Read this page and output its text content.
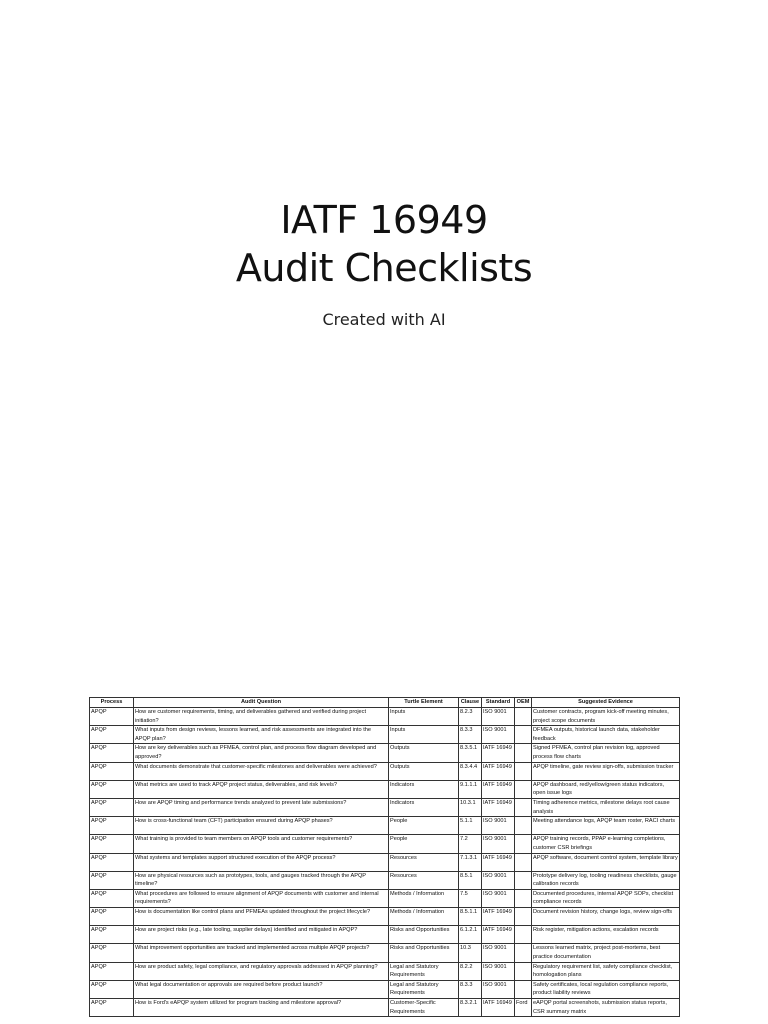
IATF 16949
Audit Checklists
Created with AI
Process	Audit Question	Turtle Element	Clause	Standard	OEM	Suggested Evidence
APQP	How are customer requirements, timing, and deliverables gathered and verified during project initiation?	Inputs	8.2.3	ISO 9001		Customer contracts, program kick-off meeting minutes, project scope documents
APQP	What inputs from design reviews, lessons learned, and risk assessments are integrated into the APQP plan?	Inputs	8.3.3	ISO 9001		DFMEA outputs, historical launch data, stakeholder feedback
APQP	How are key deliverables such as PFMEA, control plan, and process flow diagram developed and approved?	Outputs	8.3.5.1	IATF 16949		Signed PFMEA, control plan revision log, approved process flow charts
APQP	What documents demonstrate that customer-specific milestones and deliverables were achieved?	Outputs	8.3.4.4	IATF 16949		APQP timeline, gate review sign-offs, submission tracker
APQP	What metrics are used to track APQP project status, deliverables, and risk levels?	Indicators	9.1.1.1	IATF 16949		APQP dashboard, red/yellow/green status indicators, open issue logs
APQP	How are APQP timing and performance trends analyzed to prevent late submissions?	Indicators	10.3.1	IATF 16949		Timing adherence metrics, milestone delays root cause analysis
APQP	How is cross-functional team (CFT) participation ensured during APQP phases?	People	5.1.1	ISO 9001		Meeting attendance logs, APQP team roster, RACI charts
APQP	What training is provided to team members on APQP tools and customer requirements?	People	7.2	ISO 9001		APQP training records, PPAP e-learning completions, customer CSR briefings
APQP	What systems and templates support structured execution of the APQP process?	Resources	7.1.3.1	IATF 16949		APQP software, document control system, template library
APQP	How are physical resources such as prototypes, tools, and gauges tracked through the APQP timeline?	Resources	8.5.1	ISO 9001		Prototype delivery log, tooling readiness checklists, gauge calibration records
APQP	What procedures are followed to ensure alignment of APQP documents with customer and internal requirements?	Methods / Information	7.5	ISO 9001		Documented procedures, internal APQP SOPs, checklist compliance records
APQP	How is documentation like control plans and PFMEAs updated throughout the project lifecycle?	Methods / Information	8.5.1.1	IATF 16949		Document revision history, change logs, review sign-offs
APQP	How are project risks (e.g., late tooling, supplier delays) identified and mitigated in APQP?	Risks and Opportunities	6.1.2.1	IATF 16949		Risk register, mitigation actions, escalation records
APQP	What improvement opportunities are tracked and implemented across multiple APQP projects?	Risks and Opportunities	10.3	ISO 9001		Lessons learned matrix, project post-mortems, best practice documentation
APQP	How are product safety, legal compliance, and regulatory approvals addressed in APQP planning?	Legal and Statutory Requirements	8.2.2	ISO 9001		Regulatory requirement list, safety compliance checklist, homologation plans
APQP	What legal documentation or approvals are required before product launch?	Legal and Statutory Requirements	8.3.3	ISO 9001		Safety certificates, local regulation compliance reports, product liability reviews
APQP	How is Ford's eAPQP system utilized for program tracking and milestone approval?	Customer-Specific Requirements	8.3.2.1	IATF 16949	Ford	eAPQP portal screenshots, submission status reports, CSR summary matrix
